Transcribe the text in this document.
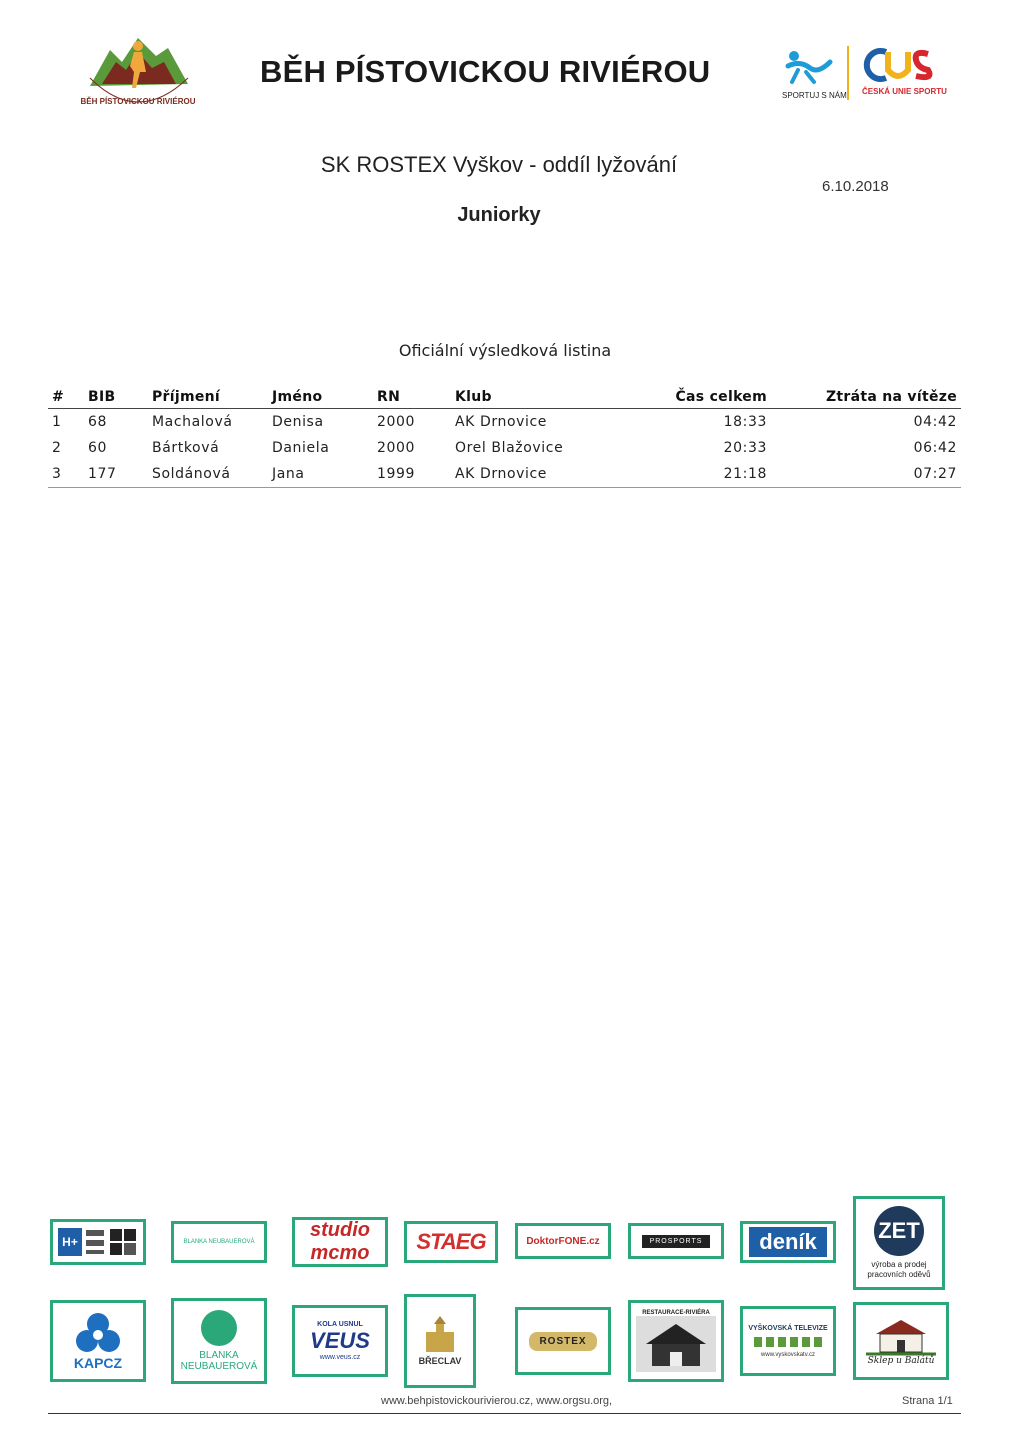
BĚH PÍSTOVICKOU RIVIÉROU
BĚH PÍSTOVICKOU RIVIÉROU
SPORTUJ S NÁMI ČESKÁ UNIE SPORTU
SK ROSTEX Vyškov - oddíl lyžování
6.10.2018
Juniorky
Oficiální výsledková listina
#	BIB	Příjmení	Jméno	RN	Klub	Čas celkem	Ztráta na vítěze
1	68	Machalová	Denisa	2000	AK Drnovice	18:33	04:42
2	60	Bártková	Daniela	2000	Orel Blažovice	20:33	06:42
3	177	Soldánová	Jana	1999	AK Drnovice	21:18	07:27
H+	BLANKA NEUBAUEROVÁ
studio mcmo	STAEG	DoktorFONE.cz	PROSPORTS	deník	ZET
výroba a prodej pracovních oděvů
KAPCZ	BLANKA NEUBAUEROVÁ
KOLA USNUL
VEUS
www.veus.cz	BŘECLAV
ROSTEX
RESTAURACE-RIVIÉRA
VYŠKOVSKÁ TELEVIZE
www.vyskovskatv.cz
Sklep u Balátů
www.behpistovickourivierou.cz, www.orgsu.org,	Strana 1/1
